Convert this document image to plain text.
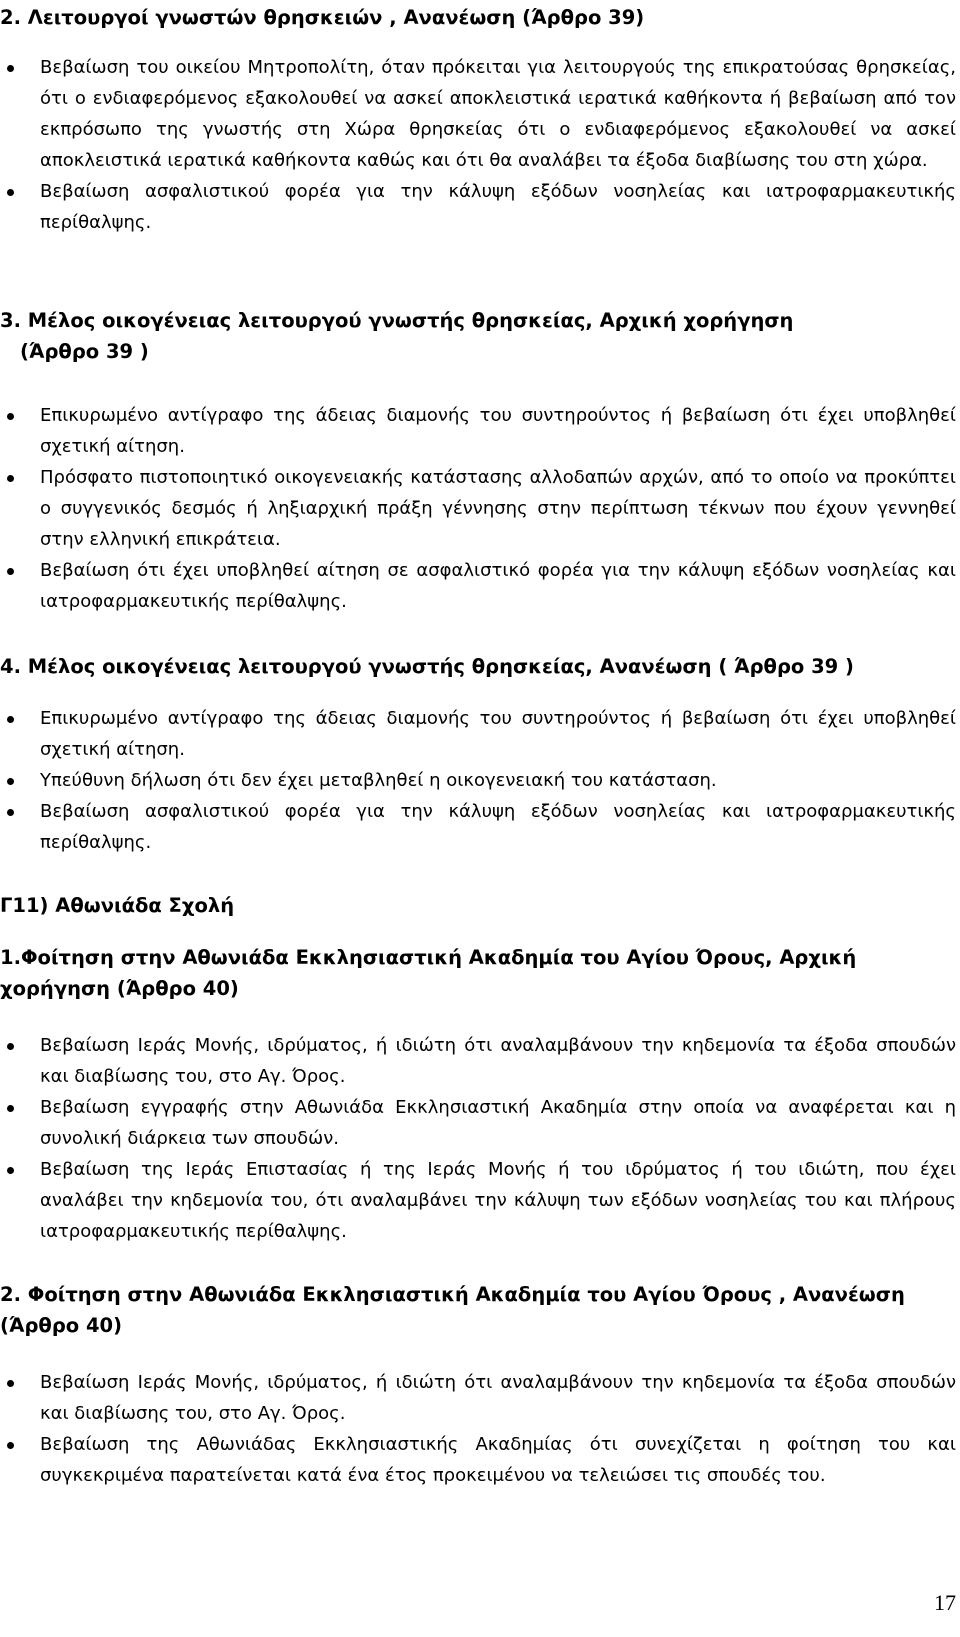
2. Λειτουργοί γνωστών θρησκειών , Ανανέωση (Άρθρο 39)
Βεβαίωση του οικείου Μητροπολίτη, όταν πρόκειται για λειτουργούς της επικρατούσας θρησκείας, ότι ο ενδιαφερόμενος εξακολουθεί να ασκεί αποκλειστικά ιερατικά καθήκοντα ή βεβαίωση από τον εκπρόσωπο της γνωστής στη Χώρα θρησκείας ότι ο ενδιαφερόμενος εξακολουθεί να ασκεί αποκλειστικά ιερατικά καθήκοντα καθώς και ότι θα αναλάβει τα έξοδα διαβίωσης του στη χώρα.
Βεβαίωση ασφαλιστικού φορέα για την κάλυψη εξόδων νοσηλείας και ιατροφαρμακευτικής περίθαλψης.
3. Μέλος οικογένειας λειτουργού γνωστής θρησκείας, Αρχική χορήγηση
(Άρθρο 39 )
Επικυρωμένο αντίγραφο της άδειας διαμονής του συντηρούντος ή βεβαίωση ότι έχει υποβληθεί σχετική αίτηση.
Πρόσφατο πιστοποιητικό οικογενειακής κατάστασης αλλοδαπών αρχών, από το οποίο να προκύπτει ο συγγενικός δεσμός ή ληξιαρχική πράξη γέννησης στην περίπτωση τέκνων που έχουν γεννηθεί στην ελληνική επικράτεια.
Βεβαίωση ότι έχει υποβληθεί αίτηση σε ασφαλιστικό φορέα για την κάλυψη εξόδων νοσηλείας και ιατροφαρμακευτικής περίθαλψης.
4. Μέλος οικογένειας λειτουργού γνωστής θρησκείας, Ανανέωση ( Άρθρο 39 )
Επικυρωμένο αντίγραφο της άδειας διαμονής του συντηρούντος ή βεβαίωση ότι έχει υποβληθεί σχετική αίτηση.
Υπεύθυνη δήλωση ότι δεν έχει μεταβληθεί η οικογενειακή του κατάσταση.
Βεβαίωση ασφαλιστικού φορέα για την κάλυψη εξόδων νοσηλείας και ιατροφαρμακευτικής περίθαλψης.
Γ11) Αθωνιάδα Σχολή
1.Φοίτηση στην Αθωνιάδα Εκκλησιαστική Ακαδημία του Αγίου Όρους, Αρχική χορήγηση (Άρθρο 40)
Βεβαίωση Ιεράς Μονής, ιδρύματος, ή ιδιώτη ότι αναλαμβάνουν την κηδεμονία τα έξοδα σπουδών και διαβίωσης του, στο Αγ. Όρος.
Βεβαίωση εγγραφής στην Αθωνιάδα Εκκλησιαστική Ακαδημία στην οποία να αναφέρεται και η συνολική διάρκεια των σπουδών.
Βεβαίωση της Ιεράς Επιστασίας ή της Ιεράς Μονής ή του ιδρύματος ή του ιδιώτη, που έχει αναλάβει την κηδεμονία του, ότι αναλαμβάνει την κάλυψη των εξόδων νοσηλείας του και πλήρους ιατροφαρμακευτικής περίθαλψης.
2. Φοίτηση στην Αθωνιάδα Εκκλησιαστική Ακαδημία του Αγίου Όρους , Ανανέωση (Άρθρο 40)
Βεβαίωση Ιεράς Μονής, ιδρύματος, ή ιδιώτη ότι αναλαμβάνουν την κηδεμονία τα έξοδα σπουδών και διαβίωσης του, στο Αγ. Όρος.
Βεβαίωση της Αθωνιάδας Εκκλησιαστικής Ακαδημίας ότι συνεχίζεται η φοίτηση του και συγκεκριμένα παρατείνεται κατά ένα έτος προκειμένου να τελειώσει τις σπουδές του.
17
